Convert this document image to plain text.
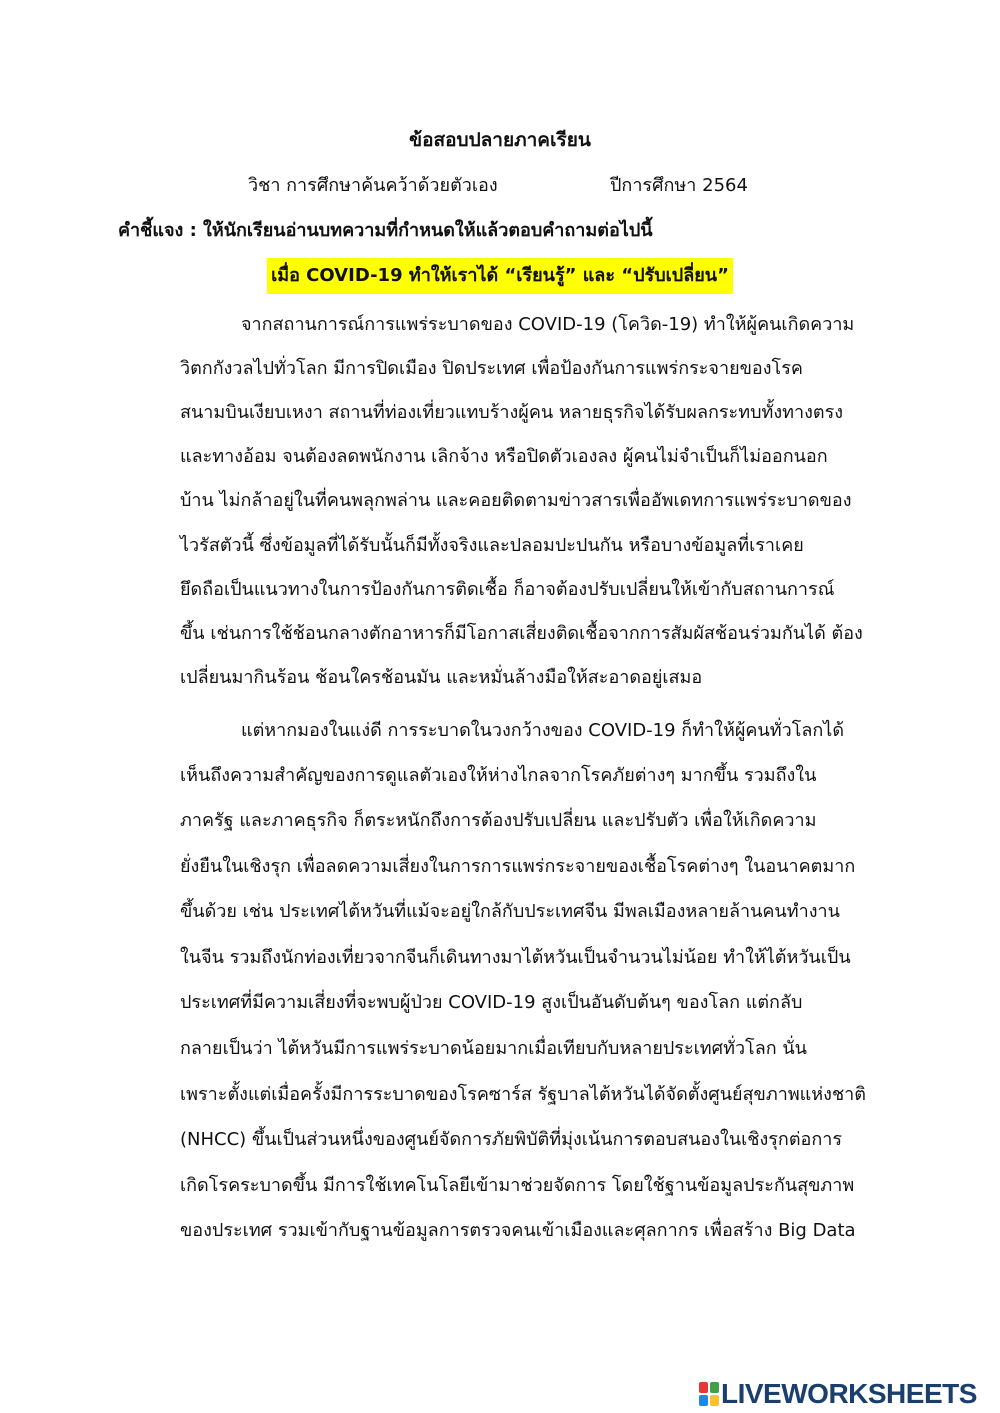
ข้อสอบปลายภาคเรียน
วิชา การศึกษาค้นคว้าด้วยตัวเอง	ปีการศึกษา 2564
คำชี้แจง : ให้นักเรียนอ่านบทความที่กำหนดให้แล้วตอบคำถามต่อไปนี้
เมื่อ COVID-19 ทำให้เราได้ “เรียนรู้” และ “ปรับเปลี่ยน”
จากสถานการณ์การแพร่ระบาดของ COVID-19 (โควิด-19) ทำให้ผู้คนเกิดความ
วิตกกังวลไปทั่วโลก มีการปิดเมือง ปิดประเทศ เพื่อป้องกันการแพร่กระจายของโรค
สนามบินเงียบเหงา สถานที่ท่องเที่ยวแทบร้างผู้คน หลายธุรกิจได้รับผลกระทบทั้งทางตรง
และทางอ้อม จนต้องลดพนักงาน เลิกจ้าง หรือปิดตัวเองลง ผู้คนไม่จำเป็นก็ไม่ออกนอก
บ้าน ไม่กล้าอยู่ในที่คนพลุกพล่าน และคอยติดตามข่าวสารเพื่ออัพเดทการแพร่ระบาดของ
ไวรัสตัวนี้ ซึ่งข้อมูลที่ได้รับนั้นก็มีทั้งจริงและปลอมปะปนกัน หรือบางข้อมูลที่เราเคย
ยึดถือเป็นแนวทางในการป้องกันการติดเชื้อ ก็อาจต้องปรับเปลี่ยนให้เข้ากับสถานการณ์
ขึ้น เช่นการใช้ช้อนกลางตักอาหารก็มีโอกาสเสี่ยงติดเชื้อจากการสัมผัสช้อนร่วมกันได้ ต้อง
เปลี่ยนมากินร้อน ช้อนใครช้อนมัน และหมั่นล้างมือให้สะอาดอยู่เสมอ
แต่หากมองในแง่ดี การระบาดในวงกว้างของ COVID-19 ก็ทำให้ผู้คนทั่วโลกได้
เห็นถึงความสำคัญของการดูแลตัวเองให้ห่างไกลจากโรคภัยต่างๆ มากขึ้น รวมถึงใน
ภาครัฐ และภาคธุรกิจ ก็ตระหนักถึงการต้องปรับเปลี่ยน และปรับตัว เพื่อให้เกิดความ
ยั่งยืนในเชิงรุก เพื่อลดความเสี่ยงในการการแพร่กระจายของเชื้อโรคต่างๆ ในอนาคตมาก
ขึ้นด้วย เช่น ประเทศไต้หวันที่แม้จะอยู่ใกล้กับประเทศจีน มีพลเมืองหลายล้านคนทำงาน
ในจีน รวมถึงนักท่องเที่ยวจากจีนก็เดินทางมาไต้หวันเป็นจำนวนไม่น้อย ทำให้ไต้หวันเป็น
ประเทศที่มีความเสี่ยงที่จะพบผู้ป่วย COVID-19 สูงเป็นอันดับต้นๆ ของโลก แต่กลับ
กลายเป็นว่า ไต้หวันมีการแพร่ระบาดน้อยมากเมื่อเทียบกับหลายประเทศทั่วโลก นั่น
เพราะตั้งแต่เมื่อครั้งมีการระบาดของโรคซาร์ส รัฐบาลไต้หวันได้จัดตั้งศูนย์สุขภาพแห่งชาติ
(NHCC) ขึ้นเป็นส่วนหนึ่งของศูนย์จัดการภัยพิบัติที่มุ่งเน้นการตอบสนองในเชิงรุกต่อการ
เกิดโรคระบาดขึ้น มีการใช้เทคโนโลยีเข้ามาช่วยจัดการ โดยใช้ฐานข้อมูลประกันสุขภาพ
ของประเทศ รวมเข้ากับฐานข้อมูลการตรวจคนเข้าเมืองและศุลกากร เพื่อสร้าง Big Data
LIVEWORKSHEETS
